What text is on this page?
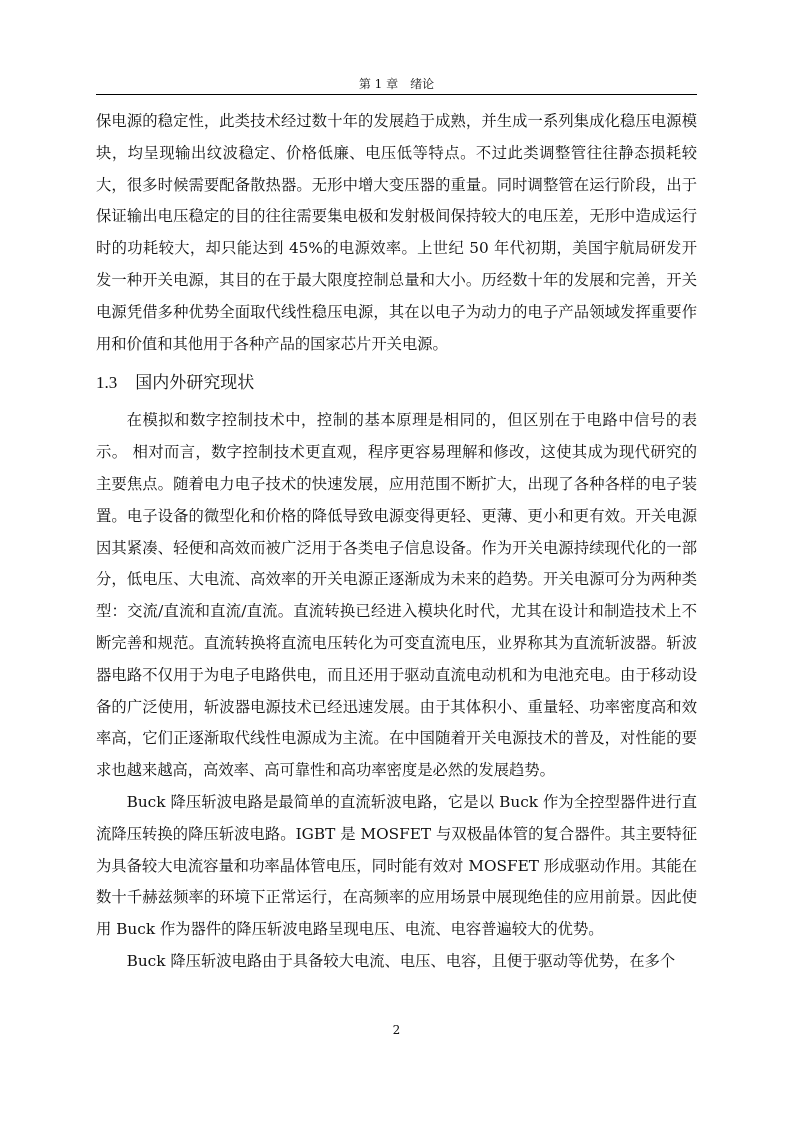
第 1 章　绪论

保电源的稳定性，此类技术经过数十年的发展趋于成熟，并生成一系列集成化稳压电源模块，均呈现输出纹波稳定、价格低廉、电压低等特点。不过此类调整管往往静态损耗较大，很多时候需要配备散热器。无形中增大变压器的重量。同时调整管在运行阶段，出于保证输出电压稳定的目的往往需要集电极和发射极间保持较大的电压差，无形中造成运行时的功耗较大，却只能达到 45%的电源效率。上世纪 50 年代初期，美国宇航局研发开发一种开关电源，其目的在于最大限度控制总量和大小。历经数十年的发展和完善，开关电源凭借多种优势全面取代线性稳压电源，其在以电子为动力的电子产品领域发挥重要作用和价值和其他用于各种产品的国家芯片开关电源。

1.3 国内外研究现状

在模拟和数字控制技术中，控制的基本原理是相同的，但区别在于电路中信号的表示。 相对而言，数字控制技术更直观，程序更容易理解和修改，这使其成为现代研究的主要焦点。随着电力电子技术的快速发展，应用范围不断扩大，出现了各种各样的电子装置。电子设备的微型化和价格的降低导致电源变得更轻、更薄、更小和更有效。开关电源因其紧凑、轻便和高效而被广泛用于各类电子信息设备。作为开关电源持续现代化的一部分，低电压、大电流、高效率的开关电源正逐渐成为未来的趋势。开关电源可分为两种类型：交流/直流和直流/直流。直流转换已经进入模块化时代，尤其在设计和制造技术上不断完善和规范。直流转换将直流电压转化为可变直流电压，业界称其为直流斩波器。斩波器电路不仅用于为电子电路供电，而且还用于驱动直流电动机和为电池充电。由于移动设备的广泛使用，斩波器电源技术已经迅速发展。由于其体积小、重量轻、功率密度高和效率高，它们正逐渐取代线性电源成为主流。在中国随着开关电源技术的普及，对性能的要求也越来越高，高效率、高可靠性和高功率密度是必然的发展趋势。

Buck 降压斩波电路是最简单的直流斩波电路，它是以 Buck 作为全控型器件进行直流降压转换的降压斩波电路。IGBT 是 MOSFET 与双极晶体管的复合器件。其主要特征为具备较大电流容量和功率晶体管电压，同时能有效对 MOSFET 形成驱动作用。其能在数十千赫兹频率的环境下正常运行，在高频率的应用场景中展现绝佳的应用前景。因此使用 Buck 作为器件的降压斩波电路呈现电压、电流、电容普遍较大的优势。

Buck 降压斩波电路由于具备较大电流、电压、电容，且便于驱动等优势，在多个

2
